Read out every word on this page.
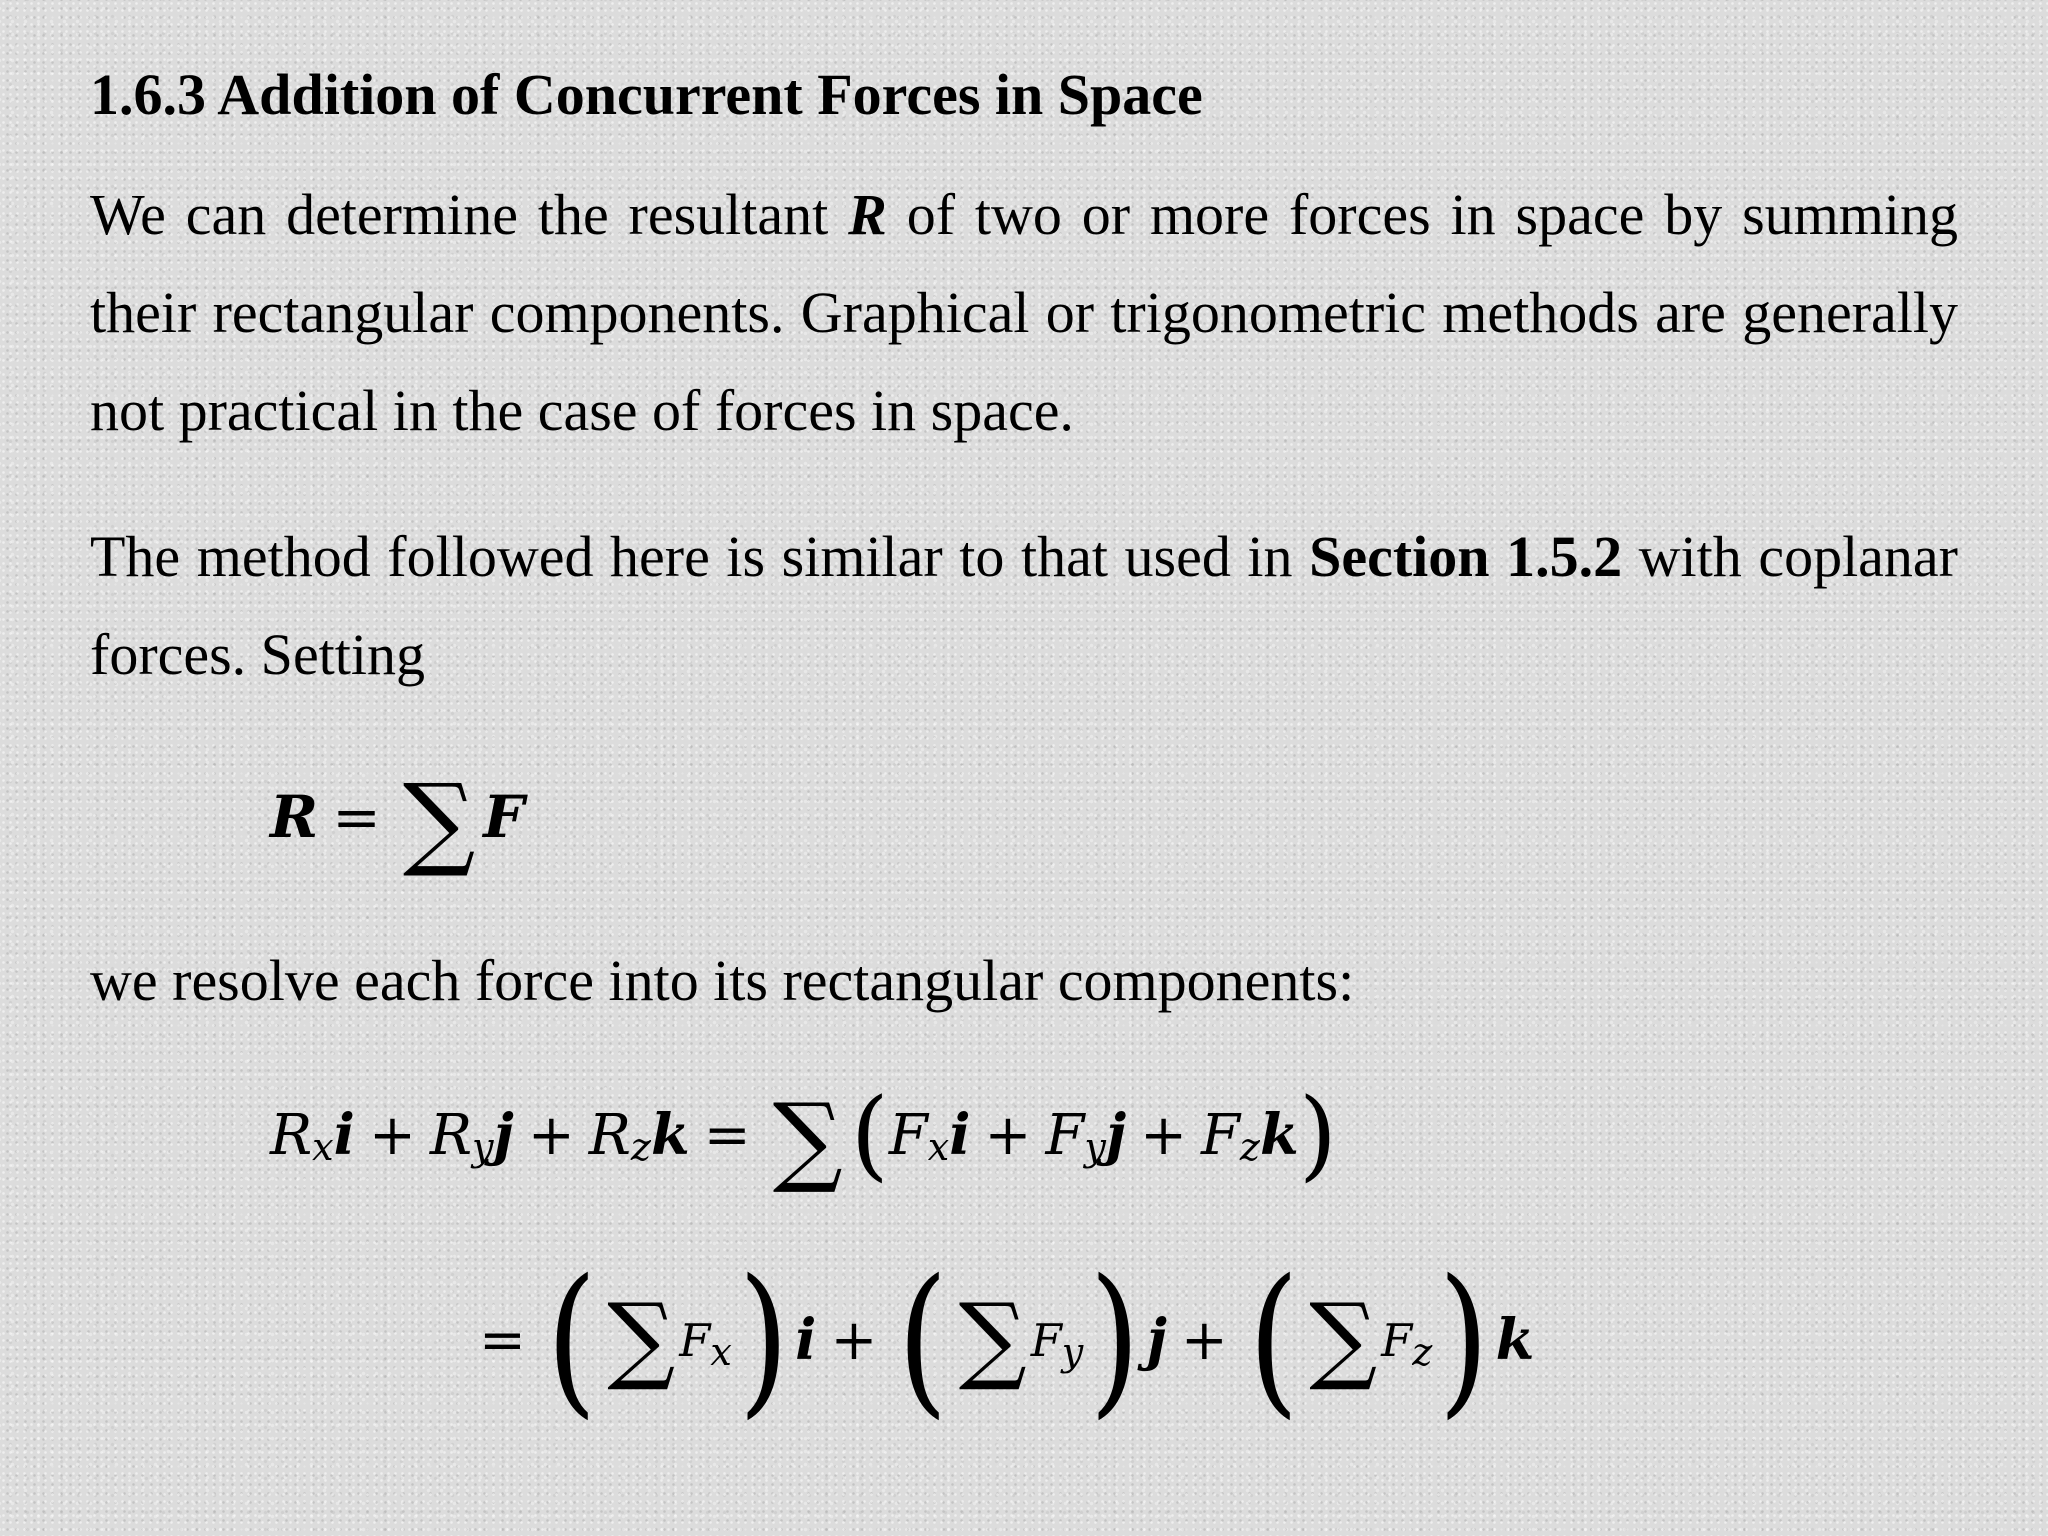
1.6.3 Addition of Concurrent Forces in Space
We can determine the resultant R of two or more forces in space by summing their rectangular components. Graphical or trigonometric methods are generally not practical in the case of forces in space.
The method followed here is similar to that used in Section 1.5.2 with coplanar forces. Setting
R = ∑ F
we resolve each force into its rectangular components:
R x i + R y j + R z k = ∑ ( F x i + F y j + F z k )
= ( ∑ F x ) i + ( ∑ F y ) j + ( ∑ F z ) k
